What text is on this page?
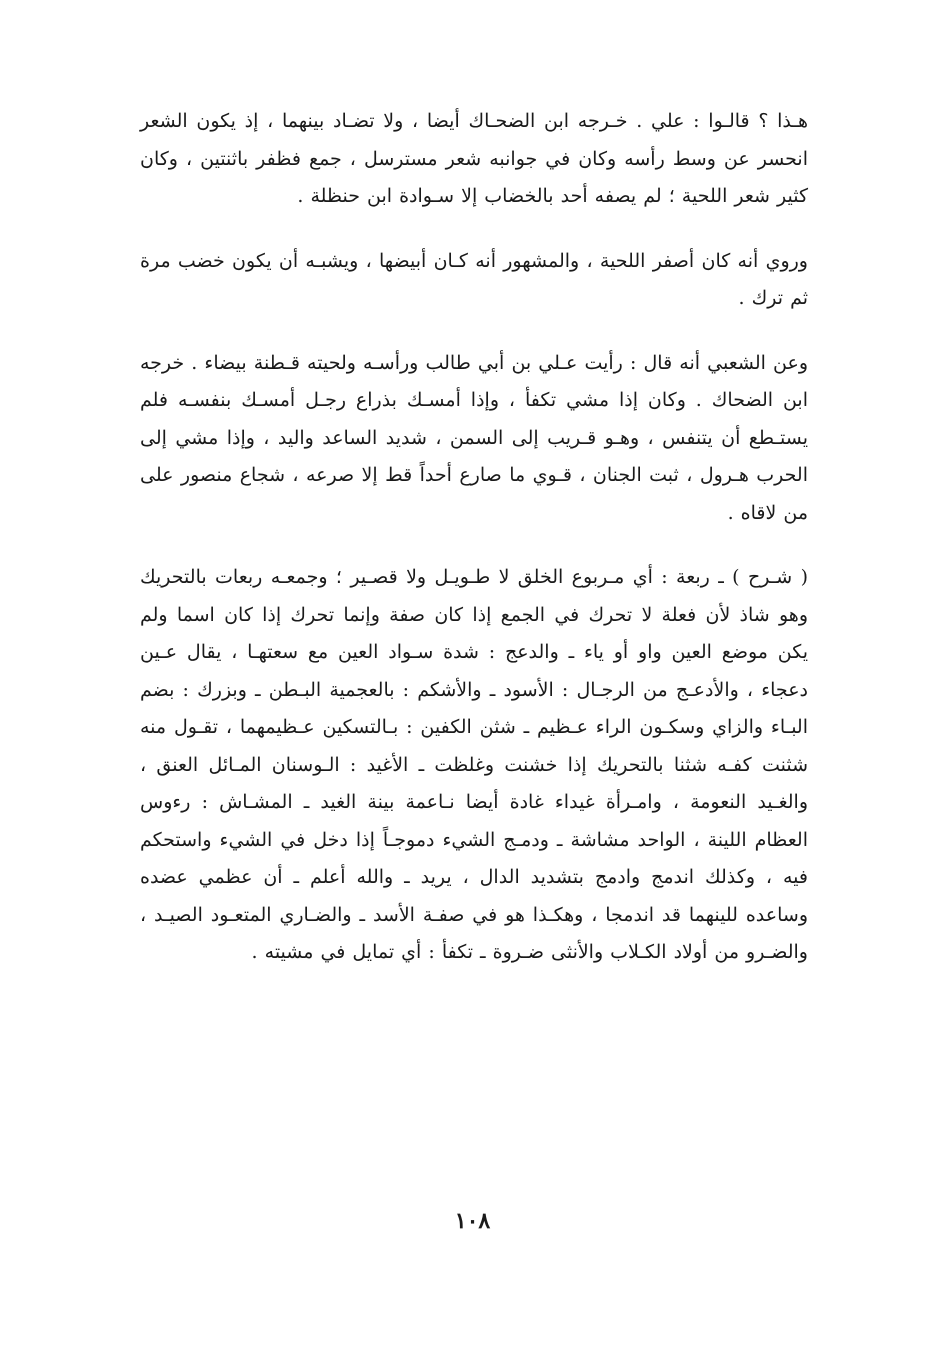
هـذا ؟ قالـوا : علي . خـرجه ابن الضحـاك أيضا ، ولا تضـاد بينهما ، إذ يكون الشعر انحسر عن وسط رأسه وكان في جوانبه شعر مسترسل ، جمع فظفر باثنتين ، وكان كثير شعر اللحية ؛ لم يصفه أحد بالخضاب إلا سـوادة ابن حنظلة .

وروي أنه كان أصفر اللحية ، والمشهور أنه كـان أبيضها ، ويشبـه أن يكون خضب مرة ثم ترك .

وعن الشعبي أنه قال : رأيت عـلي بن أبي طالب ورأسـه ولحيته قـطنة بيضاء . خرجه ابن الضحاك . وكان إذا مشي تكفأ ، وإذا أمسـك بذراع رجـل أمسـك بنفسـه فلم يستـطع أن يتنفس ، وهـو قـريب إلى السمن ، شديد الساعد واليد ، وإذا مشي إلى الحرب هـرول ، ثبت الجنان ، قـوي ما صارع أحداً قط إلا صرعه ، شجاع منصور على من لاقاه .

( شـرح ) ـ ربعة : أي مـربوع الخلق لا طـويـل ولا قصـير ؛ وجمعـه ربعات بالتحريك وهو شاذ لأن فعلة لا تحرك في الجمع إذا كان صفة وإنما تحرك إذا كان اسما ولم يكن موضع العين واو أو ياء ـ والدعج : شدة سـواد العين مع سعتهـا ، يقال عـين دعجاء ، والأدعـج من الرجـال : الأسود ـ والأشكم : بالعجمية البـطن ـ وبزرك : بضم البـاء والزاي وسكـون الراء عـظيم ـ شثن الكفين : بـالتسكين عـظيمهما ، تقـول منه شثنت كفـه شثنا بالتحريك إذا خشنت وغلظت ـ الأغيد : الـوسنان المـائل العنق ، والغـيد النعومة ، وامـرأة غيداء غادة أيضا نـاعمة بينة الغيد ـ المشـاش : رءوس العظام اللينة ، الواحد مشاشة ـ ودمـج الشيء دموجـاً إذا دخل في الشيء واستحكم فيه ، وكذلك اندمج وادمج بتشديد الدال ، يريد ـ والله أعلم ـ أن عظمي عضده وساعده للينهما قد اندمجا ، وهكـذا هو في صفـة الأسد ـ والضـاري المتعـود الصيـد ، والضـرو من أولاد الكـلاب والأنثى ضـروة ـ تكفأ : أي تمايل في مشيته .

١٠٨
